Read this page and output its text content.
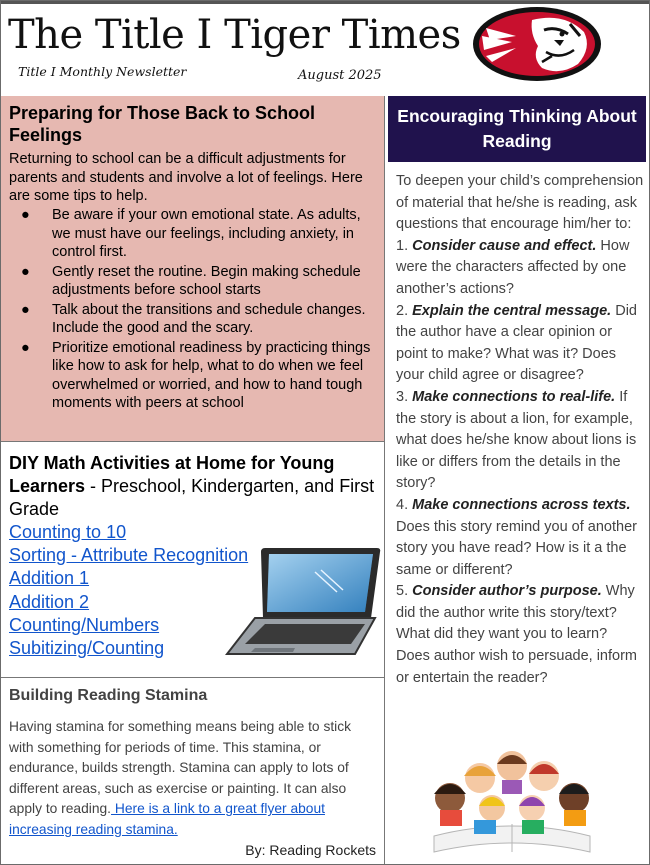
The Title I Tiger Times
Title I Monthly Newsletter	August 2025
Preparing for Those Back to School Feelings

Returning to school can be a difficult adjustments for parents and students and involve a lot of feelings. Here are some tips to help.

● Be aware if your own emotional state. As adults, we must have our feelings, including anxiety, in control first.
● Gently reset the routine. Begin making schedule adjustments before school starts
● Talk about the transitions and schedule changes. Include the good and the scary.
● Prioritize emotional readiness by practicing things like how to ask for help, what to do when we feel overwhelmed or worried, and how to hand tough moments with peers at school
DIY Math Activities at Home for Young Learners - Preschool, Kindergarten, and First Grade
Counting to 10
Sorting - Attribute Recognition
Addition 1
Addition 2
Counting/Numbers
Subitizing/Counting
Building Reading Stamina

Having stamina for something means being able to stick with something for periods of time. This stamina, or endurance, builds strength. Stamina can apply to lots of different areas, such as exercise or painting. It can also apply to reading. Here is a link to a great flyer about increasing reading stamina.

By: Reading Rockets
Encouraging Thinking About Reading

To deepen your child’s comprehension of material that he/she is reading, ask questions that encourage him/her to:

1. Consider cause and effect. How were the characters affected by one another’s actions?

2. Explain the central message. Did the author have a clear opinion or point to make? What was it? Does your child agree or disagree?

3. Make connections to real-life. If the story is about a lion, for example, what does he/she know about lions is like or differs from the details in the story?

4. Make connections across texts. Does this story remind you of another story you have read? How is it a the same or different?

5. Consider author’s purpose. Why did the author write this story/text? What did they want you to learn? Does author wish to persuade, inform or entertain the reader?
